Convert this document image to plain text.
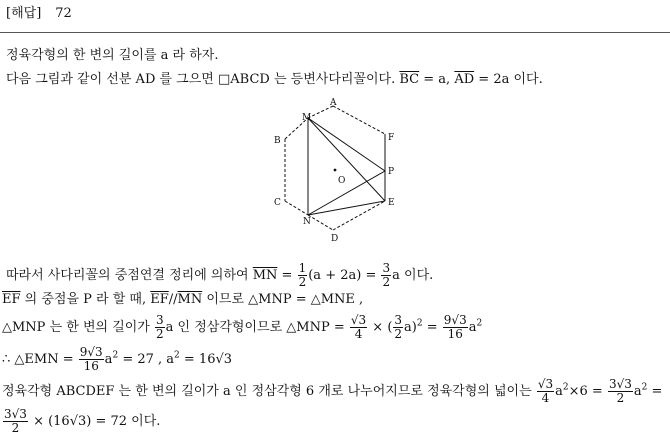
[해답] 72
정육각형의 한 변의 길이를 a 라 하자.
다음 그림과 같이 선분 AD 를 그으면 □ABCD 는 등변사다리꼴이다. $\overline{BC} = a$, $\overline{AD} = 2a$ 이다.
A
F
B
M
P
O
C	E
N
D
따라서 사다리꼴의 중점연결 정리에 의하여 $\overline{MN} = \frac{1}{2} (a + 2a) = \frac{3}{2}$ a 이다.
$\overline{EF}$ 의 중점을 P 라 할 때, $\overline{EF}//\overline{MN}$ 이므로 △MNP = △MNE ,
△MNP 는 한 변의 길이가 $\frac{3}{2}$ a 인 정삼각형이므로 △MNP = $\frac{√3}{4}$ × ( $\frac{3}{2} a)^2 = \frac{9√3}{16} a^2$
∴ △EMN = $\frac{9√3}{16} a^2 = 27$ , $a^2 = 16√3$
정육각형 ABCDEF 는 한 변의 길이가 a 인 정삼각형 6 개로 나누어지므로 정육각형의 넓이는 $\frac{√3}{4} a^2\times 6 = \frac{3√3}{2} a^2$ =
$\frac{3√3}{2} \times (16√3) = 72$ 이다.
